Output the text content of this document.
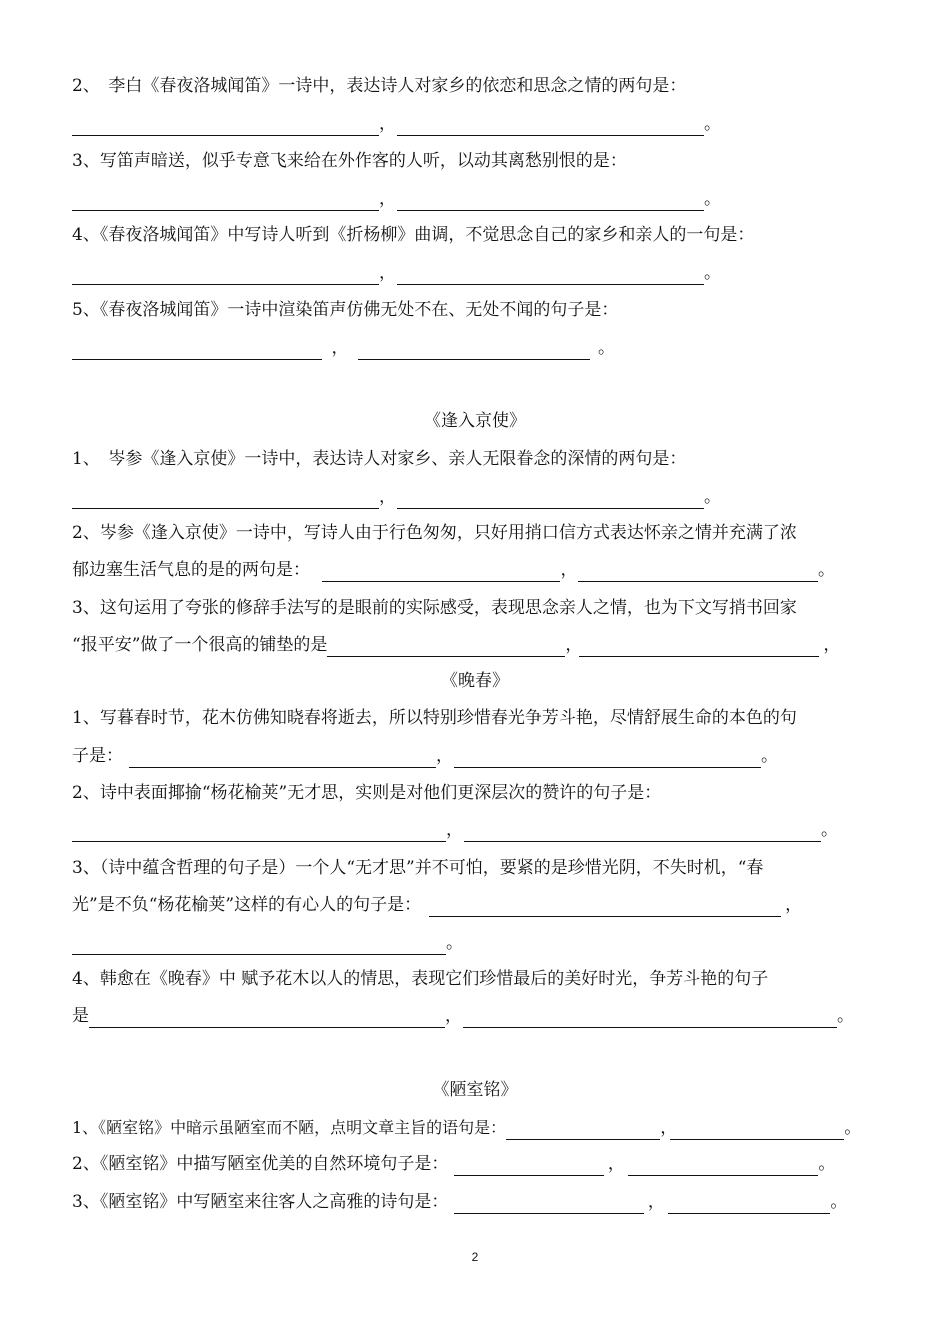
2、　李白《春夜洛城闻笛》一诗中，表达诗人对家乡的依恋和思念之情的两句是：
，	。
3、写笛声暗送，似乎专意飞来给在外作客的人听，以动其离愁别恨的是：
，	。
4、《春夜洛城闻笛》中写诗人听到《折杨柳》曲调，不觉思念自己的家乡和亲人的一句是：
，	。
5、《春夜洛城闻笛》一诗中渲染笛声仿佛无处不在、无处不闻的句子是：
，	。
《逢入京使》
1、　岑参《逢入京使》一诗中，表达诗人对家乡、亲人无限眷念的深情的两句是：
，	。
2、岑参《逢入京使》一诗中，写诗人由于行色匆匆，只好用捎口信方式表达怀亲之情并充满了浓
郁边塞生活气息的是的两句是：	，	。
3、这句运用了夸张的修辞手法写的是眼前的实际感受，表现思念亲人之情，也为下文写捎书回家
“报平安”做了一个很高的铺垫的是	，	，
《晚春》
1、写暮春时节，花木仿佛知晓春将逝去，所以特别珍惜春光争芳斗艳，尽情舒展生命的本色的句
子是：	，	。
2、诗中表面揶揄“杨花榆荚”无才思，实则是对他们更深层次的赞许的句子是：
，	。
3、（诗中蕴含哲理的句子是）一个人“无才思”并不可怕，要紧的是珍惜光阴，不失时机，“春
光”是不负“杨花榆荚”这样的有心人的句子是：	，
。
4、韩愈在《晚春》中 赋予花木以人的情思，表现它们珍惜最后的美好时光，争芳斗艳的句子
是	，	。
《陋室铭》
1、《陋室铭》中暗示虽陋室而不陋，点明文章主旨的语句是：	，	。
2、《陋室铭》中描写陋室优美的自然环境句子是：	，	。
3、《陋室铭》中写陋室来往客人之高雅的诗句是：	，	。
2
